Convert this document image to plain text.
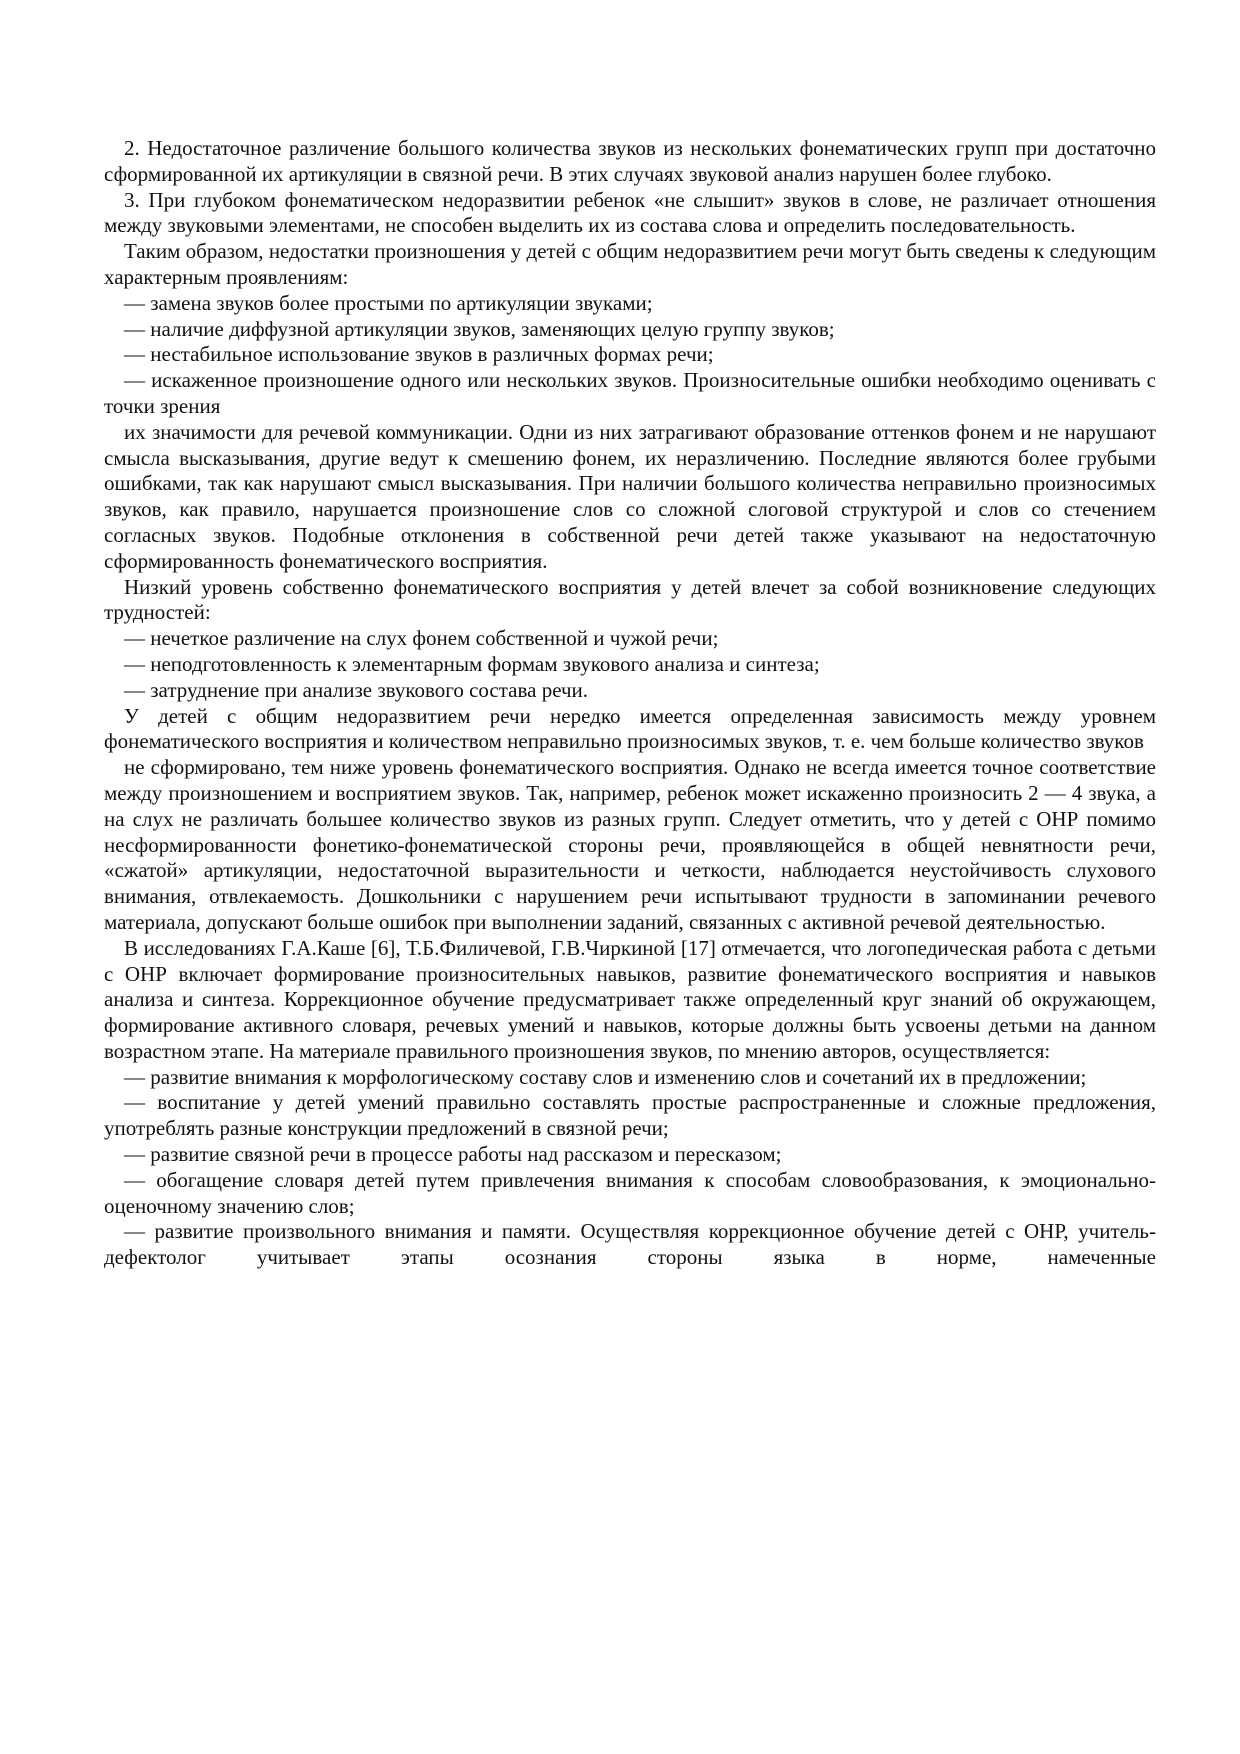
2. Недостаточное различение большого количества звуков из нескольких фонематических групп при достаточно сформированной их артикуляции в связной речи. В этих случаях звуковой анализ нарушен более глубоко.

3. При глубоком фонематическом недоразвитии ребенок «не слышит» звуков в слове, не различает отношения между звуковыми элементами, не способен выделить их из состава слова и определить последовательность.

Таким образом, недостатки произношения у детей с общим недоразвитием речи могут быть сведены к следующим характерным проявлениям:

— замена звуков более простыми по артикуляции звуками;

— наличие диффузной артикуляции звуков, заменяющих целую группу звуков;

— нестабильное использование звуков в различных формах речи;

— искаженное произношение одного или нескольких звуков. Произносительные ошибки необходимо оценивать с точки зрения

их значимости для речевой коммуникации. Одни из них затрагивают образование оттенков фонем и не нарушают смысла высказывания, другие ведут к смешению фонем, их неразличению. Последние являются более грубыми ошибками, так как нарушают смысл высказывания. При наличии большого количества неправильно произносимых звуков, как правило, нарушается произношение слов со сложной слоговой структурой и слов со стечением согласных звуков. Подобные отклонения в собственной речи детей также указывают на недостаточную сформированность фонематического восприятия.

Низкий уровень собственно фонематического восприятия у детей влечет за собой возникновение следующих трудностей:

— нечеткое различение на слух фонем собственной и чужой речи;

— неподготовленность к элементарным формам звукового анализа и синтеза;

— затруднение при анализе звукового состава речи.

У детей с общим недоразвитием речи нередко имеется определенная зависимость между уровнем фонематического восприятия и количеством неправильно произносимых звуков, т. е. чем больше количество звуков

не сформировано, тем ниже уровень фонематического восприятия. Однако не всегда имеется точное соответствие между произношением и восприятием звуков. Так, например, ребенок может искаженно произносить 2 — 4 звука, а на слух не различать большее количество звуков из разных групп. Следует отметить, что у детей с ОНР помимо несформированности фонетико-фонематической стороны речи, проявляющейся в общей невнятности речи, «сжатой» артикуляции, недостаточной выразительности и четкости, наблюдается неустойчивость слухового внимания, отвлекаемость. Дошкольники с нарушением речи испытывают трудности в запоминании речевого материала, допускают больше ошибок при выполнении заданий, связанных с активной речевой деятельностью.

В исследованиях Г.А.Каше [6], Т.Б.Филичевой, Г.В.Чиркиной [17] отмечается, что логопедическая работа с детьми с ОНР включает формирование произносительных навыков, развитие фонематического восприятия и навыков анализа и синтеза. Коррекционное обучение предусматривает также определенный круг знаний об окружающем, формирование активного словаря, речевых умений и навыков, которые должны быть усвоены детьми на данном возрастном этапе. На материале правильного произношения звуков, по мнению авторов, осуществляется:

— развитие внимания к морфологическому составу слов и изменению слов и сочетаний их в предложении;

— воспитание у детей умений правильно составлять простые распространенные и сложные предложения, употреблять разные конструкции предложений в связной речи;

— развитие связной речи в процессе работы над рассказом и пересказом;

— обогащение словаря детей путем привлечения внимания к способам словообразования, к эмоционально-оценочному значению слов;

— развитие произвольного внимания и памяти. Осуществляя коррекционное обучение детей с ОНР, учитель-дефектолог учитывает этапы осознания стороны языка в норме, намеченные
